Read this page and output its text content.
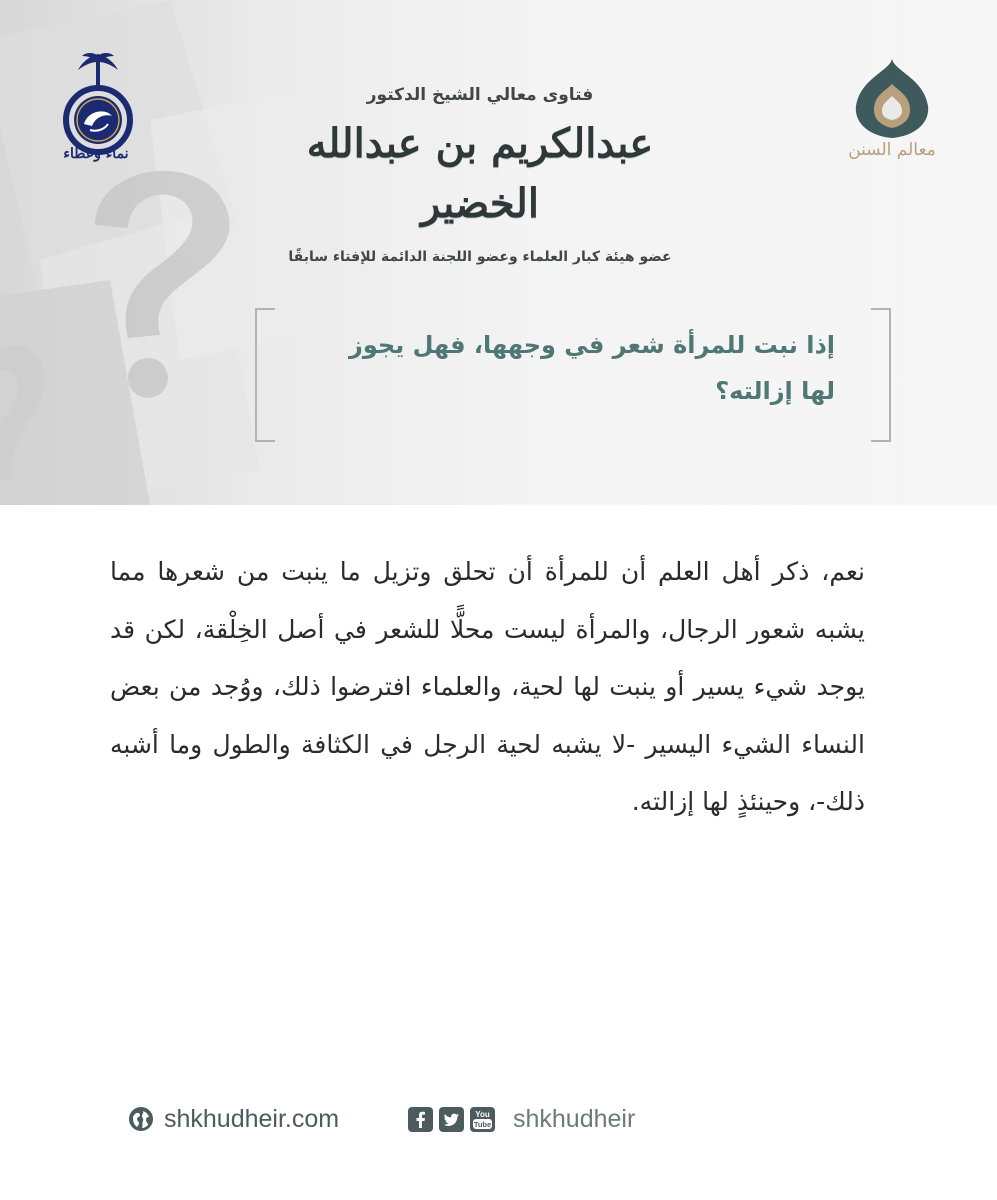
نماء وعطاء	معالم السنن

فتاوى معالي الشيخ الدكتور

عبدالكريم بن عبدالله الخضير

عضو هيئة كبار العلماء وعضو اللجنة الدائمة للإفتاء سابقًا

إذا نبت للمرأة شعر في وجهها، فهل يجوز لها إزالته؟

نعم، ذكر أهل العلم أن للمرأة أن تحلق وتزيل ما ينبت من شعرها مما يشبه شعور الرجال، والمرأة ليست محلًّا للشعر في أصل الخِلْقة، لكن قد يوجد شيء يسير أو ينبت لها لحية، والعلماء افترضوا ذلك، ووُجد من بعض النساء الشيء اليسير -لا يشبه لحية الرجل في الكثافة والطول وما أشبه ذلك-، وحينئذٍ لها إزالته.

shkhudheir.com	You
Tube shkhudheir
